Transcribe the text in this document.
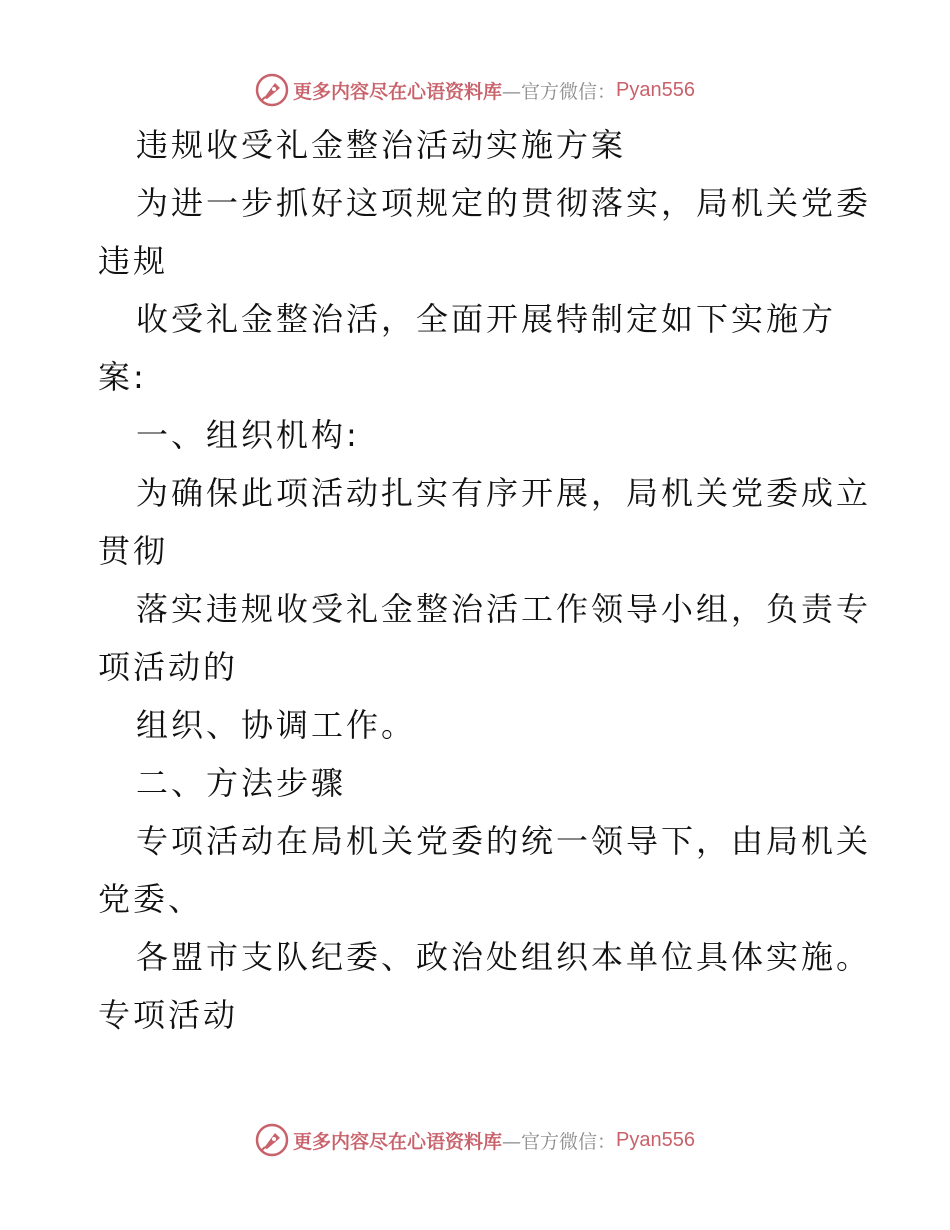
更多内容尽在心语资料库 —官方微信： Pyan556

违规收受礼金整治活动实施方案

为进一步抓好这项规定的贯彻落实，局机关党委

违规

收受礼金整治活，全面开展特制定如下实施方

案:

一、组织机构:

为确保此项活动扎实有序开展，局机关党委成立

贯彻

落实违规收受礼金整治活工作领导小组，负责专

项活动的

组织、协调工作。

二、方法步骤

专项活动在局机关党委的统一领导下，由局机关

党委、

各盟市支队纪委、政治处组织本单位具体实施。

专项活动

更多内容尽在心语资料库 —官方微信： Pyan556
